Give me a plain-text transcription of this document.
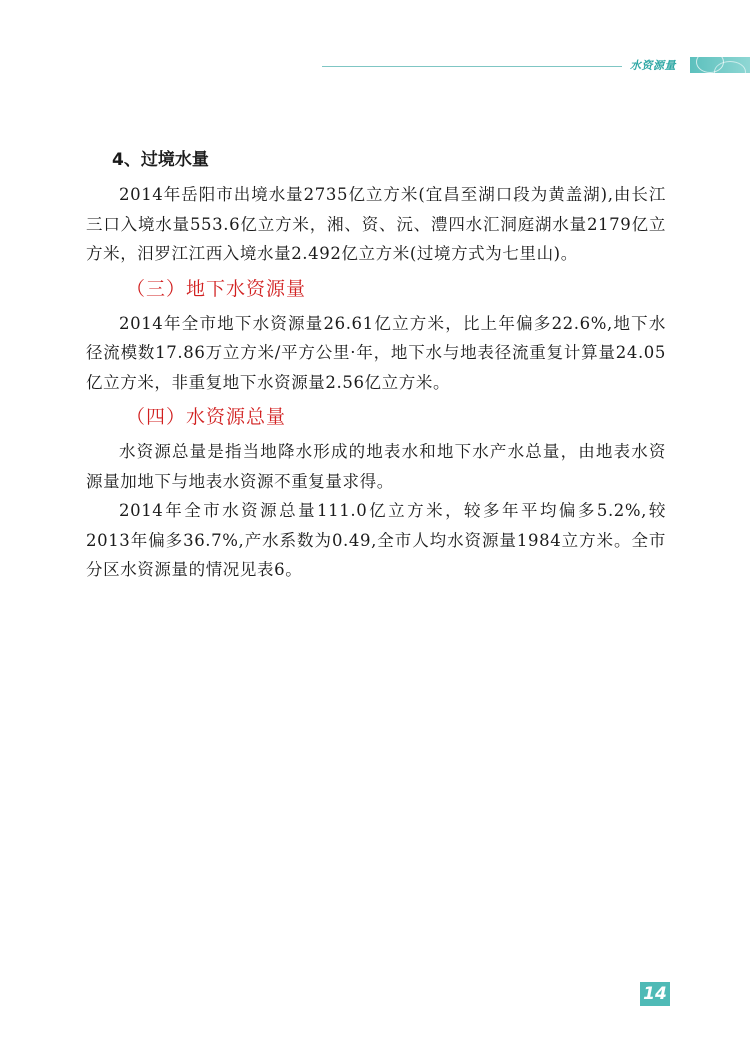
水资源量
4、过境水量

2014年岳阳市出境水量2735亿立方米(宜昌至湖口段为黄盖湖),由长江三口入境水量553.6亿立方米，湘、资、沅、澧四水汇洞庭湖水量2179亿立方米，汨罗江江西入境水量2.492亿立方米(过境方式为七里山)。

（三）地下水资源量

2014年全市地下水资源量26.61亿立方米，比上年偏多22.6%,地下水径流模数17.86万立方米/平方公里·年，地下水与地表径流重复计算量24.05亿立方米，非重复地下水资源量2.56亿立方米。

（四）水资源总量

水资源总量是指当地降水形成的地表水和地下水产水总量，由地表水资源量加地下与地表水资源不重复量求得。

2014年全市水资源总量111.0亿立方米，较多年平均偏多5.2%,较2013年偏多36.7%,产水系数为0.49,全市人均水资源量1984立方米。全市分区水资源量的情况见表6。

14
